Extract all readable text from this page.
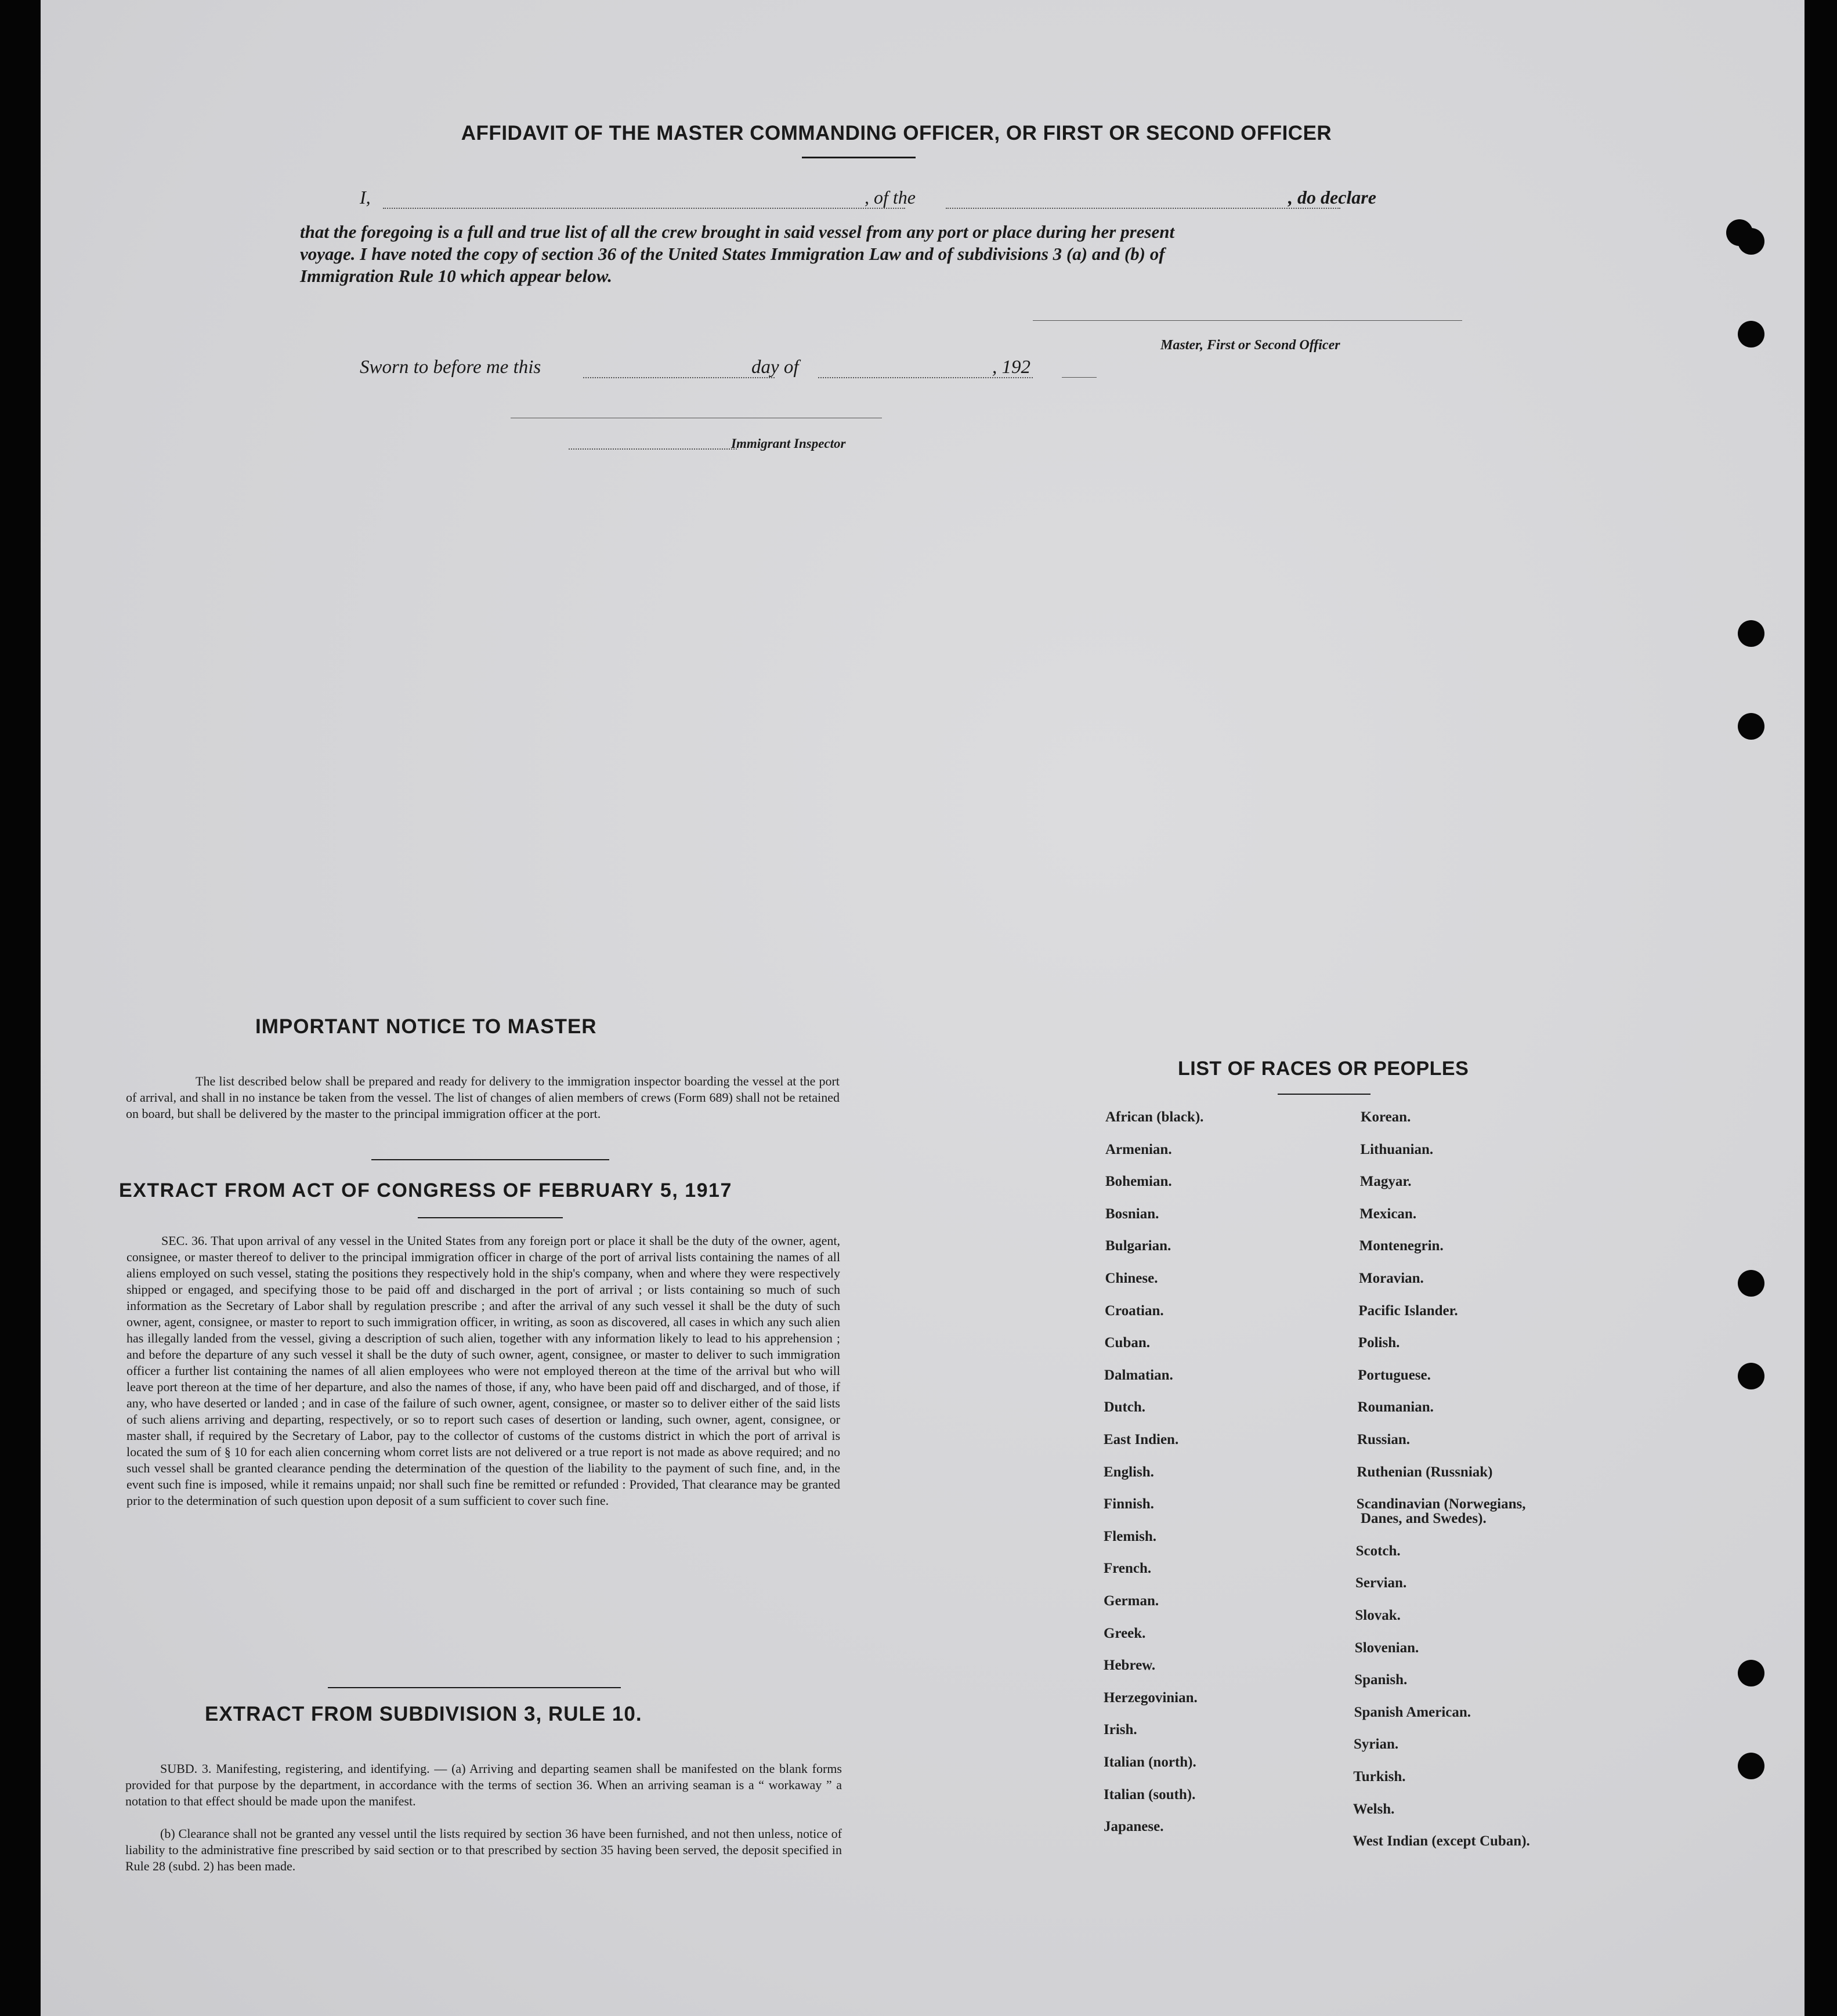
AFFIDAVIT OF THE MASTER COMMANDING OFFICER, OR FIRST OR SECOND OFFICER
I,	, of the	, do declare
that the foregoing is a full and true list of all the crew brought in said vessel from any port or place during her present
voyage. I have noted the copy of section 36 of the United States Immigration Law and of subdivisions 3 (a) and (b) of
Immigration Rule 10 which appear below.
Master, First or Second Officer
Sworn to before me this	day of	, 192
Immigrant Inspector
IMPORTANT NOTICE TO MASTER
The list described below shall be prepared and ready for delivery to the immigration inspector boarding the vessel at the port of arrival, and shall in no instance be taken from the vessel. The list of changes of alien members of crews (Form 689) shall not be retained on board, but shall be delivered by the master to the principal immigration officer at the port.
EXTRACT FROM ACT OF CONGRESS OF FEBRUARY 5, 1917
SEC. 36. That upon arrival of any vessel in the United States from any foreign port or place it shall be the duty of the owner, agent, consignee, or master thereof to deliver to the principal immigration officer in charge of the port of arrival lists containing the names of all aliens employed on such vessel, stating the positions they respectively hold in the ship's company, when and where they were respectively shipped or engaged, and specifying those to be paid off and discharged in the port of arrival ; or lists containing so much of such information as the Secretary of Labor shall by regulation prescribe ; and after the arrival of any such vessel it shall be the duty of such owner, agent, consignee, or master to report to such immigration officer, in writing, as soon as discovered, all cases in which any such alien has illegally landed from the vessel, giving a description of such alien, together with any information likely to lead to his apprehension ; and before the departure of any such vessel it shall be the duty of such owner, agent, consignee, or master to deliver to such immigration officer a further list containing the names of all alien employees who were not employed thereon at the time of the arrival but who will leave port thereon at the time of her departure, and also the names of those, if any, who have been paid off and discharged, and of those, if any, who have deserted or landed ; and in case of the failure of such owner, agent, consignee, or master so to deliver either of the said lists of such aliens arriving and departing, respectively, or so to report such cases of desertion or landing, such owner, agent, consignee, or master shall, if required by the Secretary of Labor, pay to the collector of customs of the customs district in which the port of arrival is located the sum of § 10 for each alien concerning whom corret lists are not delivered or a true report is not made as above required; and no such vessel shall be granted clearance pending the determination of the question of the liability to the payment of such fine, and, in the event such fine is imposed, while it remains unpaid; nor shall such fine be remitted or refunded : Provided, That clearance may be granted prior to the determination of such question upon deposit of a sum sufficient to cover such fine.
EXTRACT FROM SUBDIVISION 3, RULE 10.
SUBD. 3. Manifesting, registering, and identifying. — (a) Arriving and departing seamen shall be manifested on the blank forms provided for that purpose by the department, in accordance with the terms of section 36. When an arriving seaman is a “ workaway ” a notation to that effect should be made upon the manifest.
(b) Clearance shall not be granted any vessel until the lists required by section 36 have been furnished, and not then unless, notice of liability to the administrative fine prescribed by said section or to that prescribed by section 35 having been served, the deposit specified in Rule 28 (subd. 2) has been made.
LIST OF RACES OR PEOPLES
African (black).
Armenian.
Bohemian.
Bosnian.
Bulgarian.
Chinese.
Croatian.
Cuban.
Dalmatian.
Dutch.
East Indien.
English.
Finnish.
Flemish.
French.
German.
Greek.
Hebrew.
Herzegovinian.
Irish.
Italian (north).
Italian (south).
Japanese.
Korean.
Lithuanian.
Magyar.
Mexican.
Montenegrin.
Moravian.
Pacific Islander.
Polish.
Portuguese.
Roumanian.
Russian.
Ruthenian (Russniak)
Scandinavian (Norwegians,
Danes, and Swedes).
Scotch.
Servian.
Slovak.
Slovenian.
Spanish.
Spanish American.
Syrian.
Turkish.
Welsh.
West Indian (except Cuban).
